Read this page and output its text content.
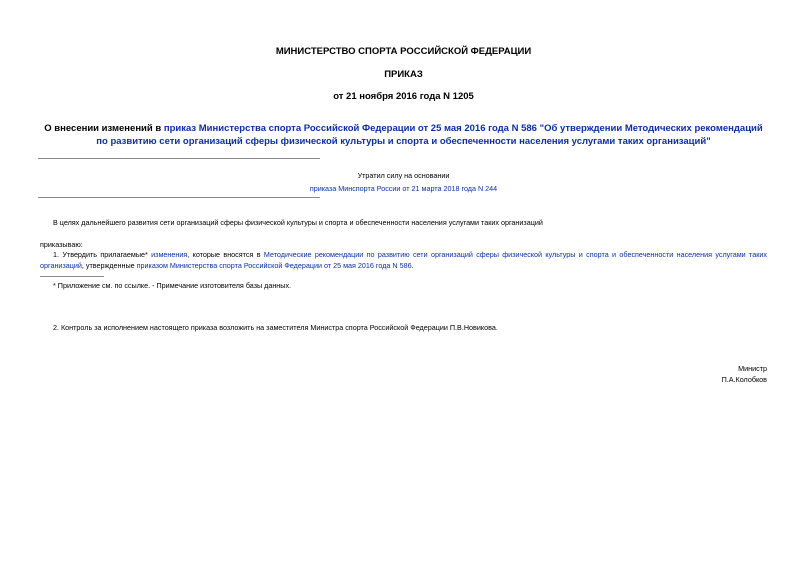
МИНИСТЕРСТВО СПОРТА РОССИЙСКОЙ ФЕДЕРАЦИИ
ПРИКАЗ
от 21 ноября 2016 года N 1205
О внесении изменений в приказ Министерства спорта Российской Федерации от 25 мая 2016 года N 586 "Об утверждении Методических рекомендаций по развитию сети организаций сферы физической культуры и спорта и обеспеченности населения услугами таких организаций"
Утратил силу на основании
приказа Минспорта России от 21 марта 2018 года N 244
В целях дальнейшего развития сети организаций сферы физической культуры и спорта и обеспеченности населения услугами таких организаций
приказываю:
1. Утвердить прилагаемые* изменения, которые вносятся в Методические рекомендации по развитию сети организаций сферы физической культуры и спорта и обеспеченности населения услугами таких организаций, утвержденные приказом Министерства спорта Российской Федерации от 25 мая 2016 года N 586.
* Приложение см. по ссылке. - Примечание изготовителя базы данных.
2. Контроль за исполнением настоящего приказа возложить на заместителя Министра спорта Российской Федерации П.В.Новикова.
Министр
П.А.Колобков
